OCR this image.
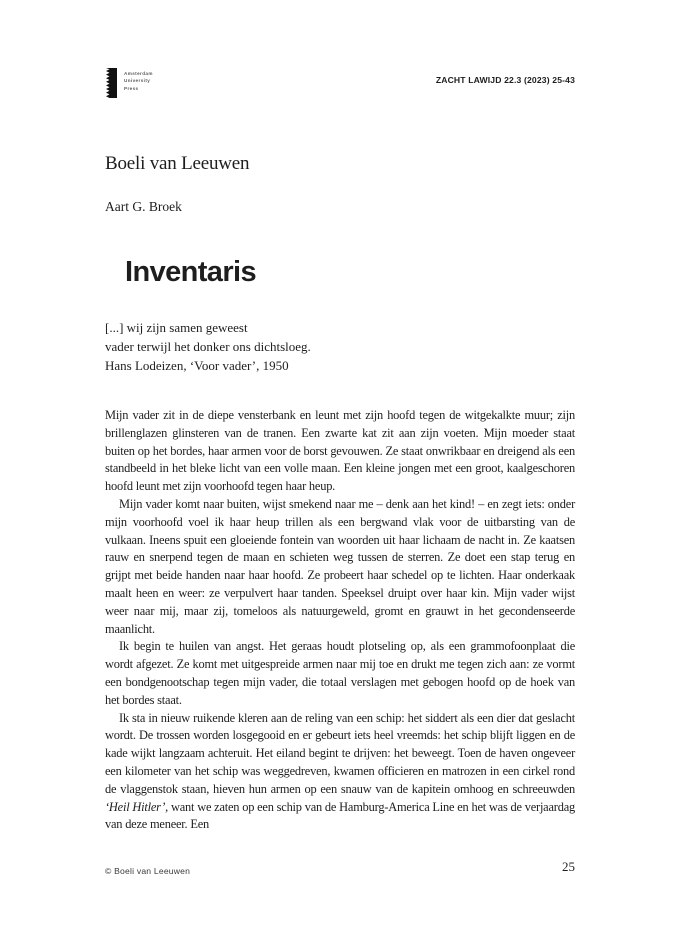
Amsterdam
University
Press
ZACHT LAWIJD 22.3 (2023) 25-43
Boeli van Leeuwen
Aart G. Broek
Inventaris
[...] wij zijn samen geweest
vader terwijl het donker ons dichtsloeg.
Hans Lodeizen, ‘Voor vader’, 1950

Mijn vader zit in de diepe vensterbank en leunt met zijn hoofd tegen de witgekalkte muur; zijn brillenglazen glinsteren van de tranen. Een zwarte kat zit aan zijn voeten. Mijn moeder staat buiten op het bordes, haar armen voor de borst gevouwen. Ze staat onwrikbaar en dreigend als een standbeeld in het bleke licht van een volle maan. Een kleine jongen met een groot, kaalgeschoren hoofd leunt met zijn voorhoofd tegen haar heup.

Mijn vader komt naar buiten, wijst smekend naar me – denk aan het kind! – en zegt iets: onder mijn voorhoofd voel ik haar heup trillen als een bergwand vlak voor de uitbarsting van de vulkaan. Ineens spuit een gloeiende fontein van woorden uit haar lichaam de nacht in. Ze kaatsen rauw en snerpend tegen de maan en schieten weg tussen de sterren. Ze doet een stap terug en grijpt met beide handen naar haar hoofd. Ze probeert haar schedel op te lichten. Haar onderkaak maalt heen en weer: ze verpulvert haar tanden. Speeksel druipt over haar kin. Mijn vader wijst weer naar mij, maar zij, tomeloos als natuurgeweld, gromt en grauwt in het gecondenseerde maanlicht.

Ik begin te huilen van angst. Het geraas houdt plotseling op, als een grammofoonplaat die wordt afgezet. Ze komt met uitgespreide armen naar mij toe en drukt me tegen zich aan: ze vormt een bondgenootschap tegen mijn vader, die totaal verslagen met gebogen hoofd op de hoek van het bordes staat.

Ik sta in nieuw ruikende kleren aan de reling van een schip: het siddert als een dier dat geslacht wordt. De trossen worden losgegooid en er gebeurt iets heel vreemds: het schip blijft liggen en de kade wijkt langzaam achteruit. Het eiland begint te drijven: het beweegt. Toen de haven ongeveer een kilometer van het schip was weggedreven, kwamen officieren en matrozen in een cirkel rond de vlaggenstok staan, hieven hun armen op een snauw van de kapitein omhoog en schreeuwden ‘Heil Hitler’, want we zaten op een schip van de Hamburg-America Line en het was de verjaardag van deze meneer. Een

© Boeli van Leeuwen	25
